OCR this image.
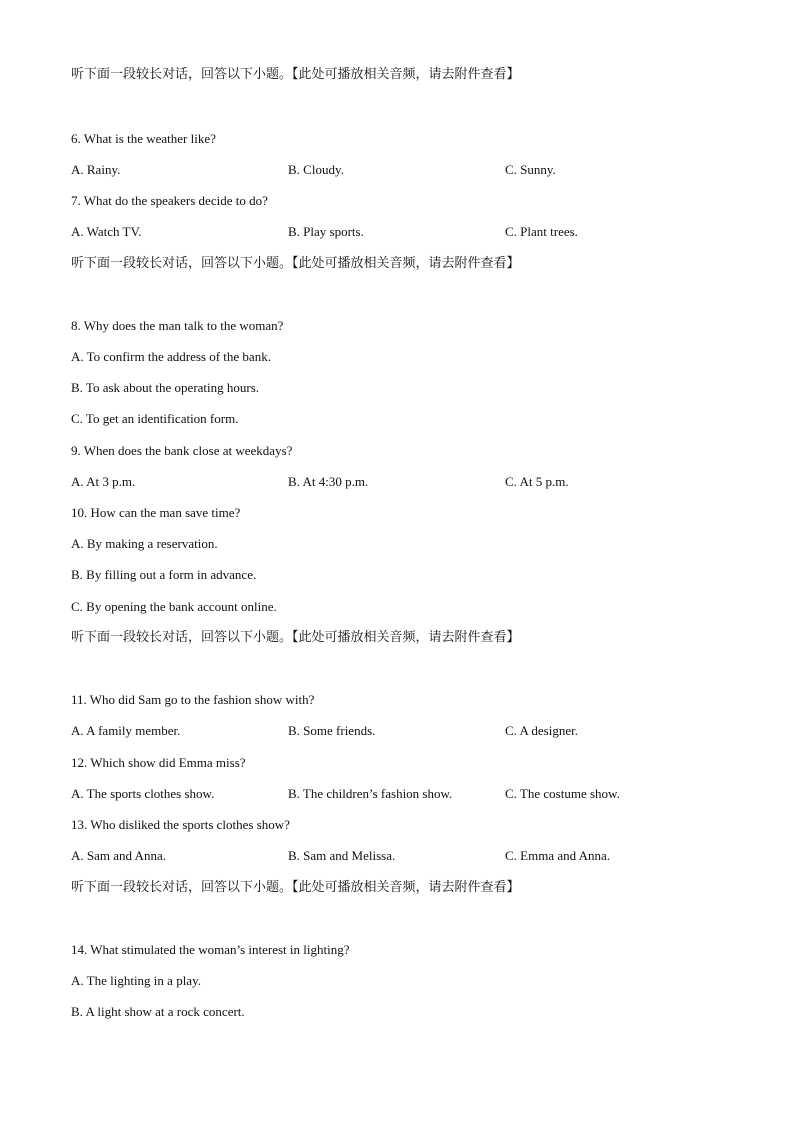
听下面一段较长对话，回答以下小题。【此处可播放相关音频，请去附件查看】
6. What is the weather like?
A. Rainy.	B. Cloudy.	C. Sunny.
7. What do the speakers decide to do?
A. Watch TV.	B. Play sports.	C. Plant trees.
听下面一段较长对话，回答以下小题。【此处可播放相关音频，请去附件查看】
8. Why does the man talk to the woman?
A. To confirm the address of the bank.
B. To ask about the operating hours.
C. To get an identification form.
9. When does the bank close at weekdays?
A. At 3 p.m.	B. At 4:30 p.m.	C. At 5 p.m.
10. How can the man save time?
A. By making a reservation.
B. By filling out a form in advance.
C. By opening the bank account online.
听下面一段较长对话，回答以下小题。【此处可播放相关音频，请去附件查看】
11. Who did Sam go to the fashion show with?
A. A family member.	B. Some friends.	C. A designer.
12. Which show did Emma miss?
A. The sports clothes show.	B. The children’s fashion show.	C. The costume show.
13. Who disliked the sports clothes show?
A. Sam and Anna.	B. Sam and Melissa.	C. Emma and Anna.
听下面一段较长对话，回答以下小题。【此处可播放相关音频，请去附件查看】
14. What stimulated the woman’s interest in lighting?
A. The lighting in a play.
B. A light show at a rock concert.
